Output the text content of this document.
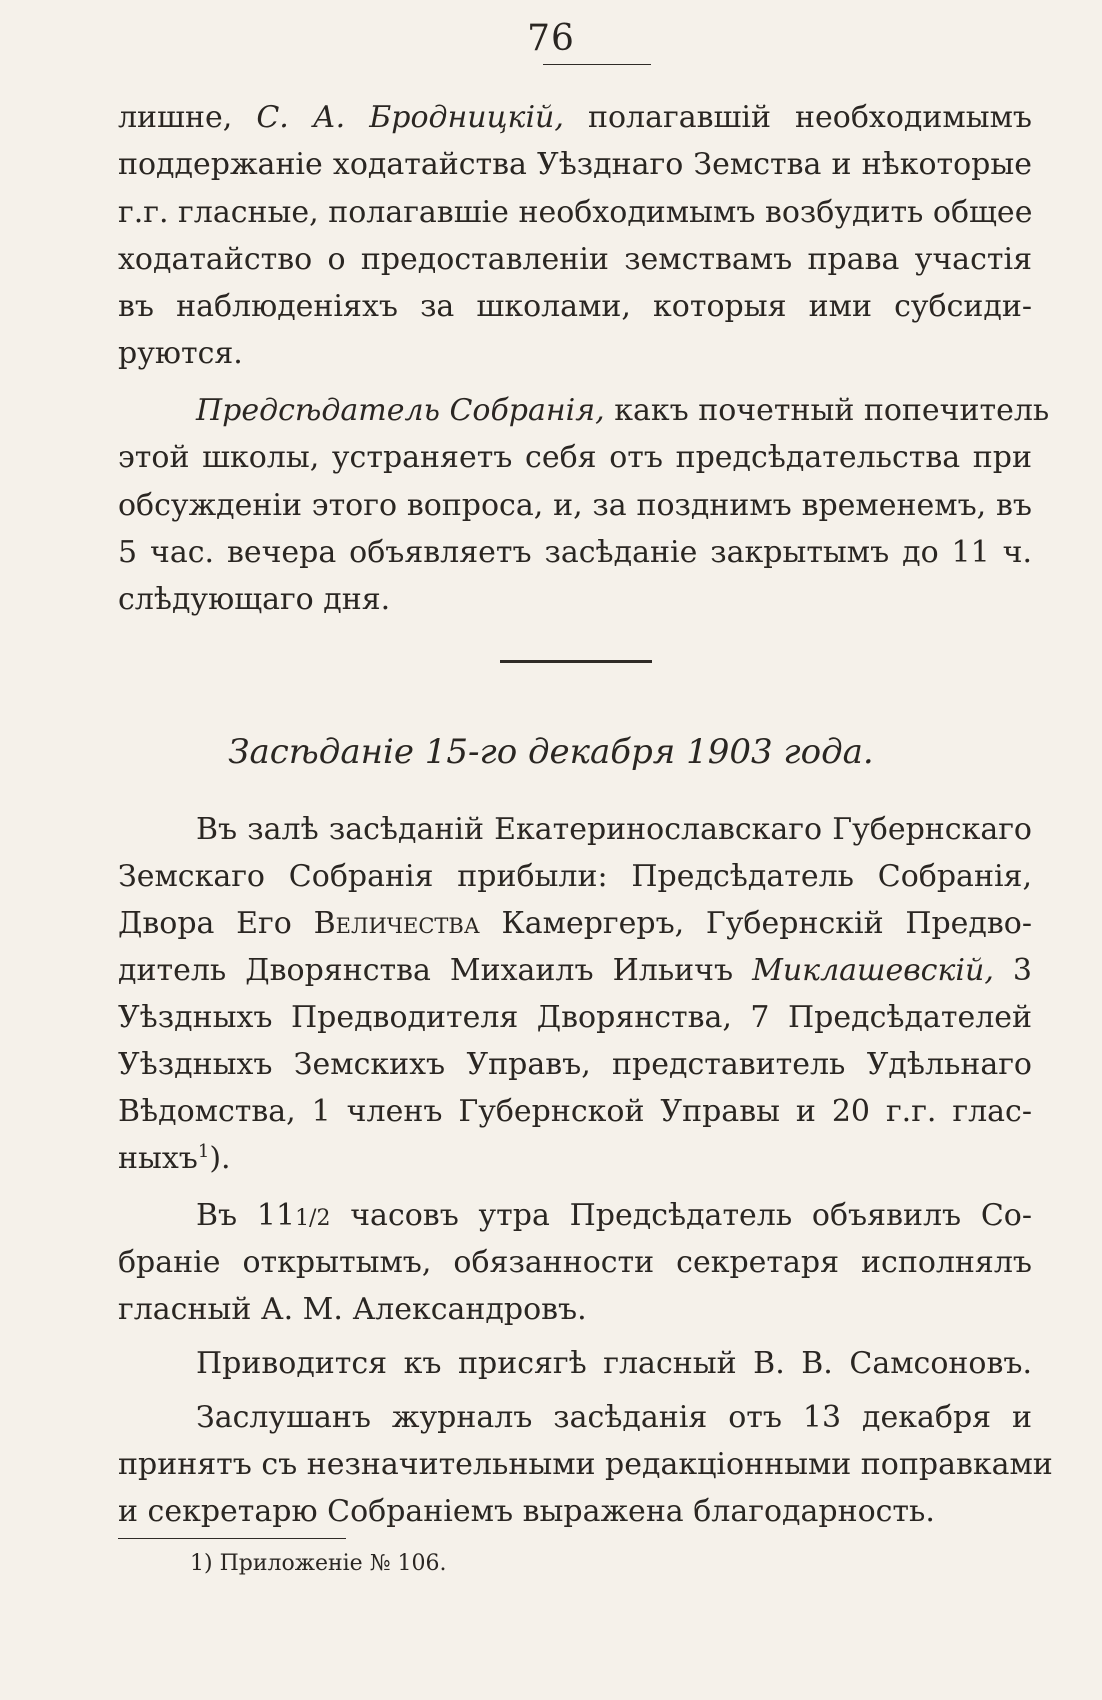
76
лишне, С. А. Бродницкій, полагавшій необходимымъ
поддержаніе ходатайства Уѣзднаго Земства и нѣкоторые
г.г. гласные, полагавшіе необходимымъ возбудить общее
ходатайство о предоставленіи земствамъ права участія
въ наблюденіяхъ за школами, которыя ими субсиди-
руются.
Предсѣдатель Собранія, какъ почетный попечитель
этой школы, устраняетъ себя отъ предсѣдательства при
обсужденіи этого вопроса, и, за позднимъ временемъ, въ
5 час. вечера объявляетъ засѣданіе закрытымъ до 11 ч.
слѣдующаго дня.
Засѣданіе 15-го декабря 1903 года.
Въ залѣ засѣданій Екатеринославскаго Губернскаго
Земскаго Собранія прибыли: Предсѣдатель Собранія,
Двора Его Величества Камергеръ, Губернскій Предво-
дитель Дворянства Михаилъ Ильичъ Миклашевскій, 3
Уѣздныхъ Предводителя Дворянства, 7 Предсѣдателей
Уѣздныхъ Земскихъ Управъ, представитель Удѣльнаго
Вѣдомства, 1 членъ Губернской Управы и 20 г.г. глас-
ныхъ$^1$).
Въ 111/2 часовъ утра Предсѣдатель объявилъ Со-
браніе открытымъ, обязанности секретаря исполнялъ
гласный А. М. Александровъ.
Приводится къ присягѣ гласный В. В. Самсоновъ.
Заслушанъ журналъ засѣданія отъ 13 декабря и
принятъ съ незначительными редакціонными поправками
и секретарю Собраніемъ выражена благодарность.
1) Приложеніе № 106.
